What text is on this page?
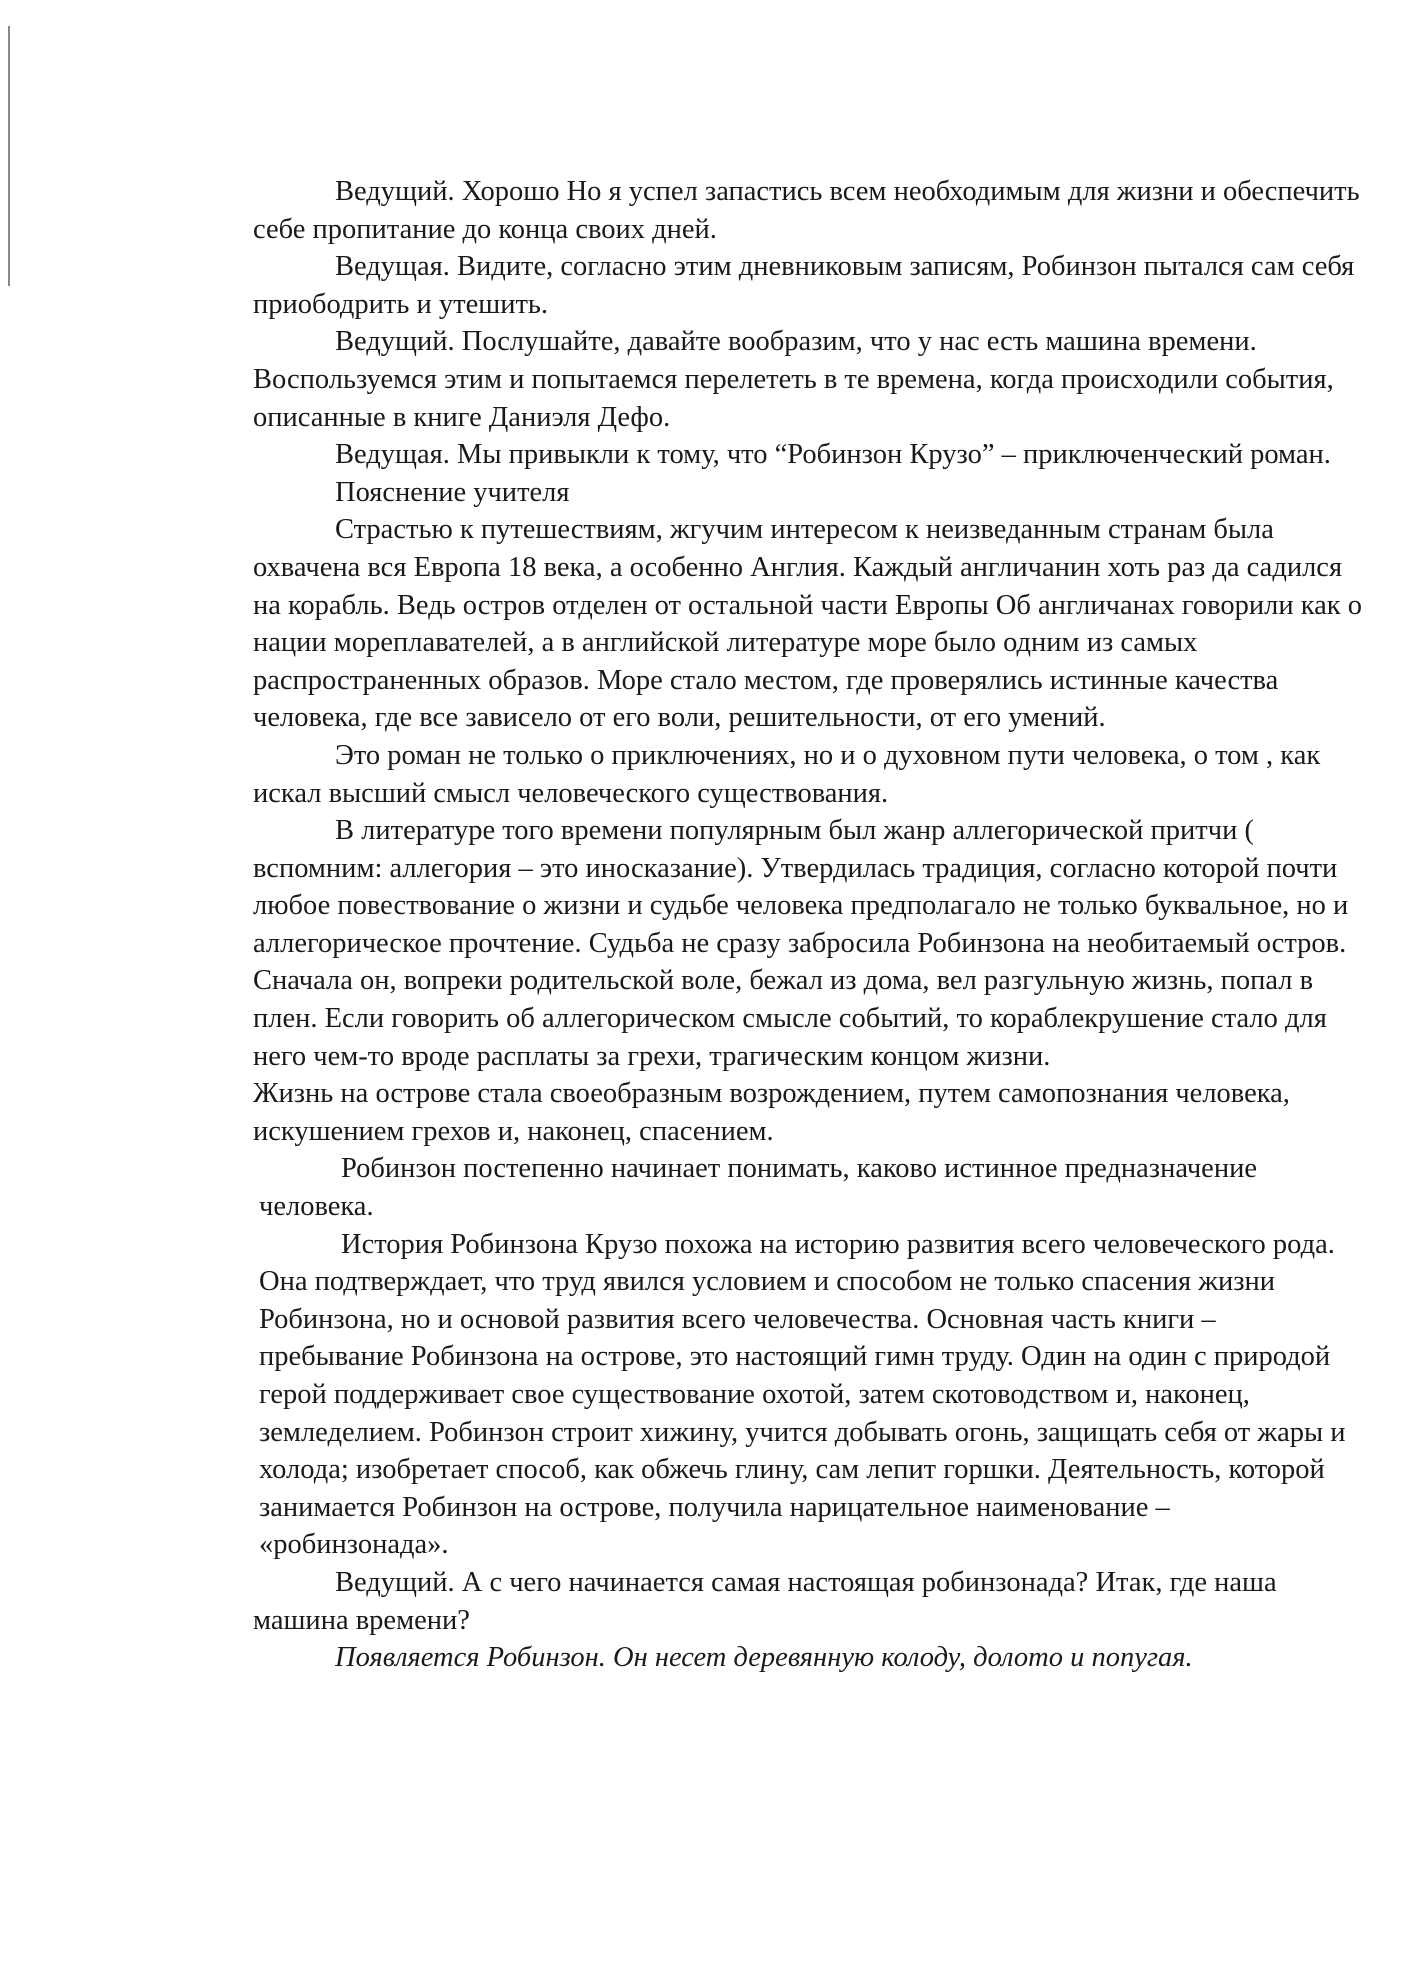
Ведущий. Хорошо Но я успел запастись всем необходимым для жизни и обеспечить себе пропитание до конца своих дней.

Ведущая. Видите, согласно этим дневниковым записям, Робинзон пытался сам себя приободрить и утешить.

Ведущий. Послушайте, давайте вообразим, что у нас есть машина времени. Воспользуемся этим и попытаемся перелететь в те времена, когда происходили события, описанные в книге Даниэля Дефо.

Ведущая. Мы привыкли к тому, что “Робинзон Крузо” – приключенческий роман.

Пояснение учителя

Страстью к путешествиям, жгучим интересом к неизведанным странам была охвачена вся Европа 18 века, а особенно Англия. Каждый англичанин хоть раз да садился на корабль. Ведь остров отделен от остальной части Европы Об англичанах говорили как о нации мореплавателей, а в английской литературе море было одним из самых распространенных образов. Море стало местом, где проверялись истинные качества человека, где все зависело от его воли, решительности, от его умений.

Это роман не только о приключениях, но и о духовном пути человека, о том , как искал высший смысл человеческого существования.

В литературе того времени популярным был жанр аллегорической притчи ( вспомним: аллегория – это иносказание). Утвердилась традиция, согласно которой почти любое повествование о жизни и судьбе человека предполагало не только буквальное, но и аллегорическое прочтение. Судьба не сразу забросила Робинзона на необитаемый остров. Сначала он, вопреки родительской воле, бежал из дома, вел разгульную жизнь, попал в плен. Если говорить об аллегорическом смысле событий, то кораблекрушение стало для него чем-то вроде расплаты за грехи, трагическим концом жизни.

Жизнь на острове стала своеобразным возрождением, путем самопознания человека, искушением грехов и, наконец, спасением.

Робинзон постепенно начинает понимать, каково истинное предназначение человека.

История Робинзона Крузо похожа на историю развития всего человеческого рода. Она подтверждает, что труд явился условием и способом не только спасения жизни Робинзона, но и основой развития всего человечества. Основная часть книги – пребывание Робинзона на острове, это настоящий гимн труду. Один на один с природой герой поддерживает свое существование охотой, затем скотоводством и, наконец, земледелием. Робинзон строит хижину, учится добывать огонь, защищать себя от жары и холода; изобретает способ, как обжечь глину, сам лепит горшки. Деятельность, которой занимается Робинзон на острове, получила нарицательное наименование – «робинзонада».

Ведущий. А с чего начинается самая настоящая робинзонада? Итак, где наша машина времени?

Появляется Робинзон. Он несет деревянную колоду, долото и попугая.
